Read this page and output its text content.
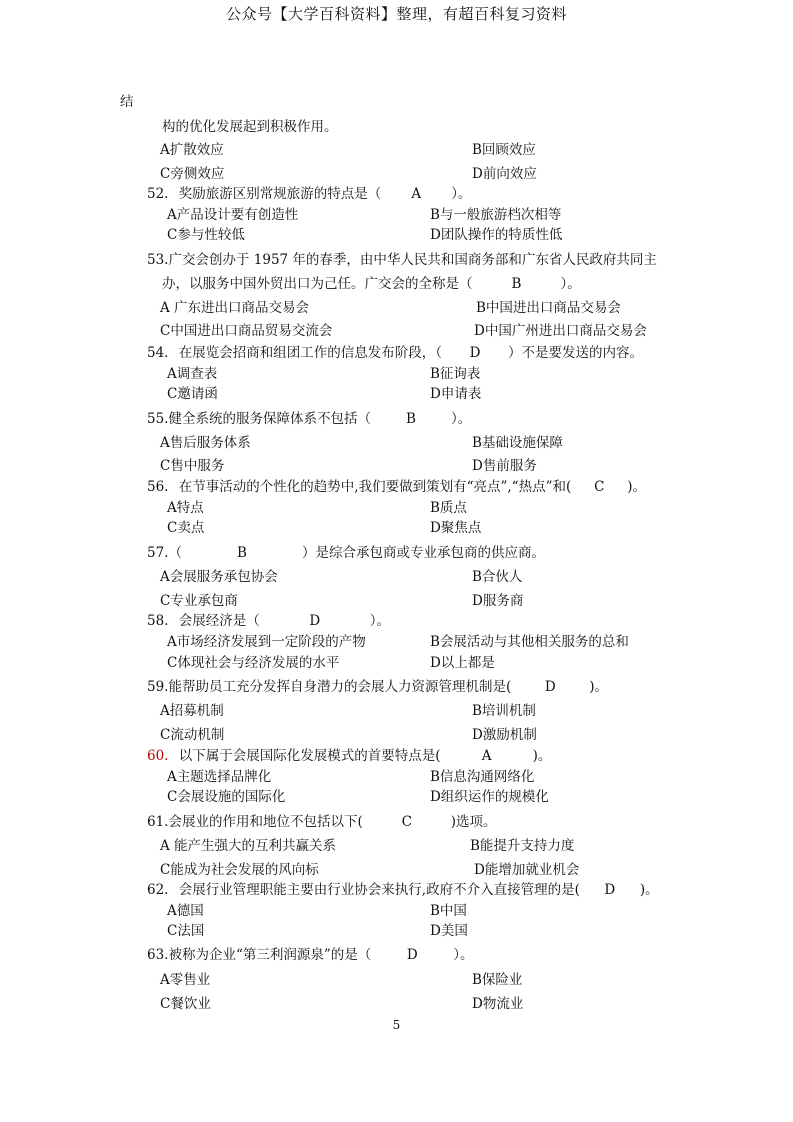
公众号【大学百科资料】整理，有超百科复习资料
结
构的优化发展起到积极作用。
A扩散效应	B回顾效应
C旁侧效应	D前向效应
52. 奖励旅游区别常规旅游的特点是（ A ）。
A产品设计要有创造性	B与一般旅游档次相等
C参与性较低	D团队操作的特质性低
53.广交会创办于 1957 年的春季，由中华人民共和国商务部和广东省人民政府共同主
办，以服务中国外贸出口为己任。广交会的全称是（	B	）。
A 广东进出口商品交易会	B中国进出口商品交易会
C中国进出口商品贸易交流会	D中国广州进出口商品交易会
54. 在展览会招商和组团工作的信息发布阶段，（ D ）不是要发送的内容。
A调查表	B征询表
C邀请函	D申请表
55.健全系统的服务保障体系不包括（	B	）。
A售后服务体系	B基础设施保障
C售中服务	D售前服务
56. 在节事活动的个性化的趋势中,我们要做到策划有“亮点”,“热点”和( C )。
A特点	B质点
C卖点	D聚焦点
57.（	B	）是综合承包商或专业承包商的供应商。
A会展服务承包协会	B合伙人
C专业承包商	D服务商
58. 会展经济是（	D	）。
A市场经济发展到一定阶段的产物	B会展活动与其他相关服务的总和
C体现社会与经济发展的水平	D以上都是
59.能帮助员工充分发挥自身潜力的会展人力资源管理机制是( D )。
A招募机制	B培训机制
C流动机制	D激励机制
60. 以下属于会展国际化发展模式的首要特点是(	A	)。
A主题选择品牌化	B信息沟通网络化
C会展设施的国际化	D组织运作的规模化
61.会展业的作用和地位不包括以下(	C	)选项。
A 能产生强大的互利共赢关系	B能提升支持力度
C能成为社会发展的风向标	D能增加就业机会
62. 会展行业管理职能主要由行业协会来执行,政府不介入直接管理的是( D )。
A德国	B中国
C法国	D美国
63.被称为企业“第三利润源泉”的是（	D	）。
A零售业	B保险业
C餐饮业	D物流业
5
